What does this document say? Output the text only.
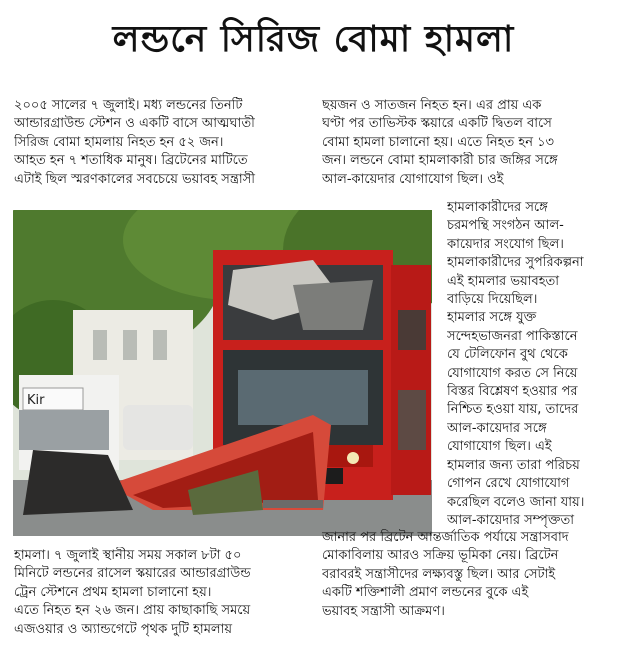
লন্ডনে সিরিজ বোমা হামলা

২০০৫ সালের ৭ জুলাই। মধ্য লন্ডনের তিনটি

আন্ডারগ্রাউন্ড স্টেশন ও একটি বাসে আত্মঘাতী

সিরিজ বোমা হামলায় নিহত হন ৫২ জন।

আহত হন ৭ শতাধিক মানুষ। ব্রিটেনের মাটিতে

এটাই ছিল স্মরণকালের সবচেয়ে ভয়াবহ সন্ত্রাসী

ছয়জন ও সাতজন নিহত হন। এর প্রায় এক

ঘণ্টা পর তাভিস্টক স্কয়ারে একটি দ্বিতল বাসে

বোমা হামলা চালানো হয়। এতে নিহত হন ১৩

জন। লন্ডনে বোমা হামলাকারী চার জঙ্গির সঙ্গে

আল-কায়েদার যোগাযোগ ছিল। ওই

Kir

হামলাকারীদের সঙ্গে

চরমপন্থি সংগঠন আল-

কায়েদার সংযোগ ছিল।

হামলাকারীদের সুপরিকল্পনা

এই হামলার ভয়াবহতা

বাড়িয়ে দিয়েছিল।

হামলার সঙ্গে যুক্ত

সন্দেহভাজনরা পাকিস্তানে

যে টেলিফোন বুথ থেকে

যোগাযোগ করত সে নিয়ে

বিস্তর বিশ্লেষণ হওয়ার পর

নিশ্চিত হওয়া যায়, তাদের

আল-কায়েদার সঙ্গে

যোগাযোগ ছিল। এই

হামলার জন্য তারা পরিচয়

গোপন রেখে যোগাযোগ

করেছিল বলেও জানা যায়।

আল-কায়েদার সম্পৃক্ততা

হামলা। ৭ জুলাই স্থানীয় সময় সকাল ৮টা ৫০

মিনিটে লন্ডনের রাসেল স্কয়ারের আন্ডারগ্রাউন্ড

ট্রেন স্টেশনে প্রথম হামলা চালানো হয়।

এতে নিহত হন ২৬ জন। প্রায় কাছাকাছি সময়ে

এজওয়ার ও অ্যান্ডগেটে পৃথক দুটি হামলায়

জানার পর ব্রিটেন আন্তর্জাতিক পর্যায়ে সন্ত্রাসবাদ

মোকাবিলায় আরও সক্রিয় ভূমিকা নেয়। ব্রিটেন

বরাবরই সন্ত্রাসীদের লক্ষ্যবস্তু ছিল। আর সেটাই

একটি শক্তিশালী প্রমাণ লন্ডনের বুকে এই

ভয়াবহ সন্ত্রাসী আক্রমণ।
